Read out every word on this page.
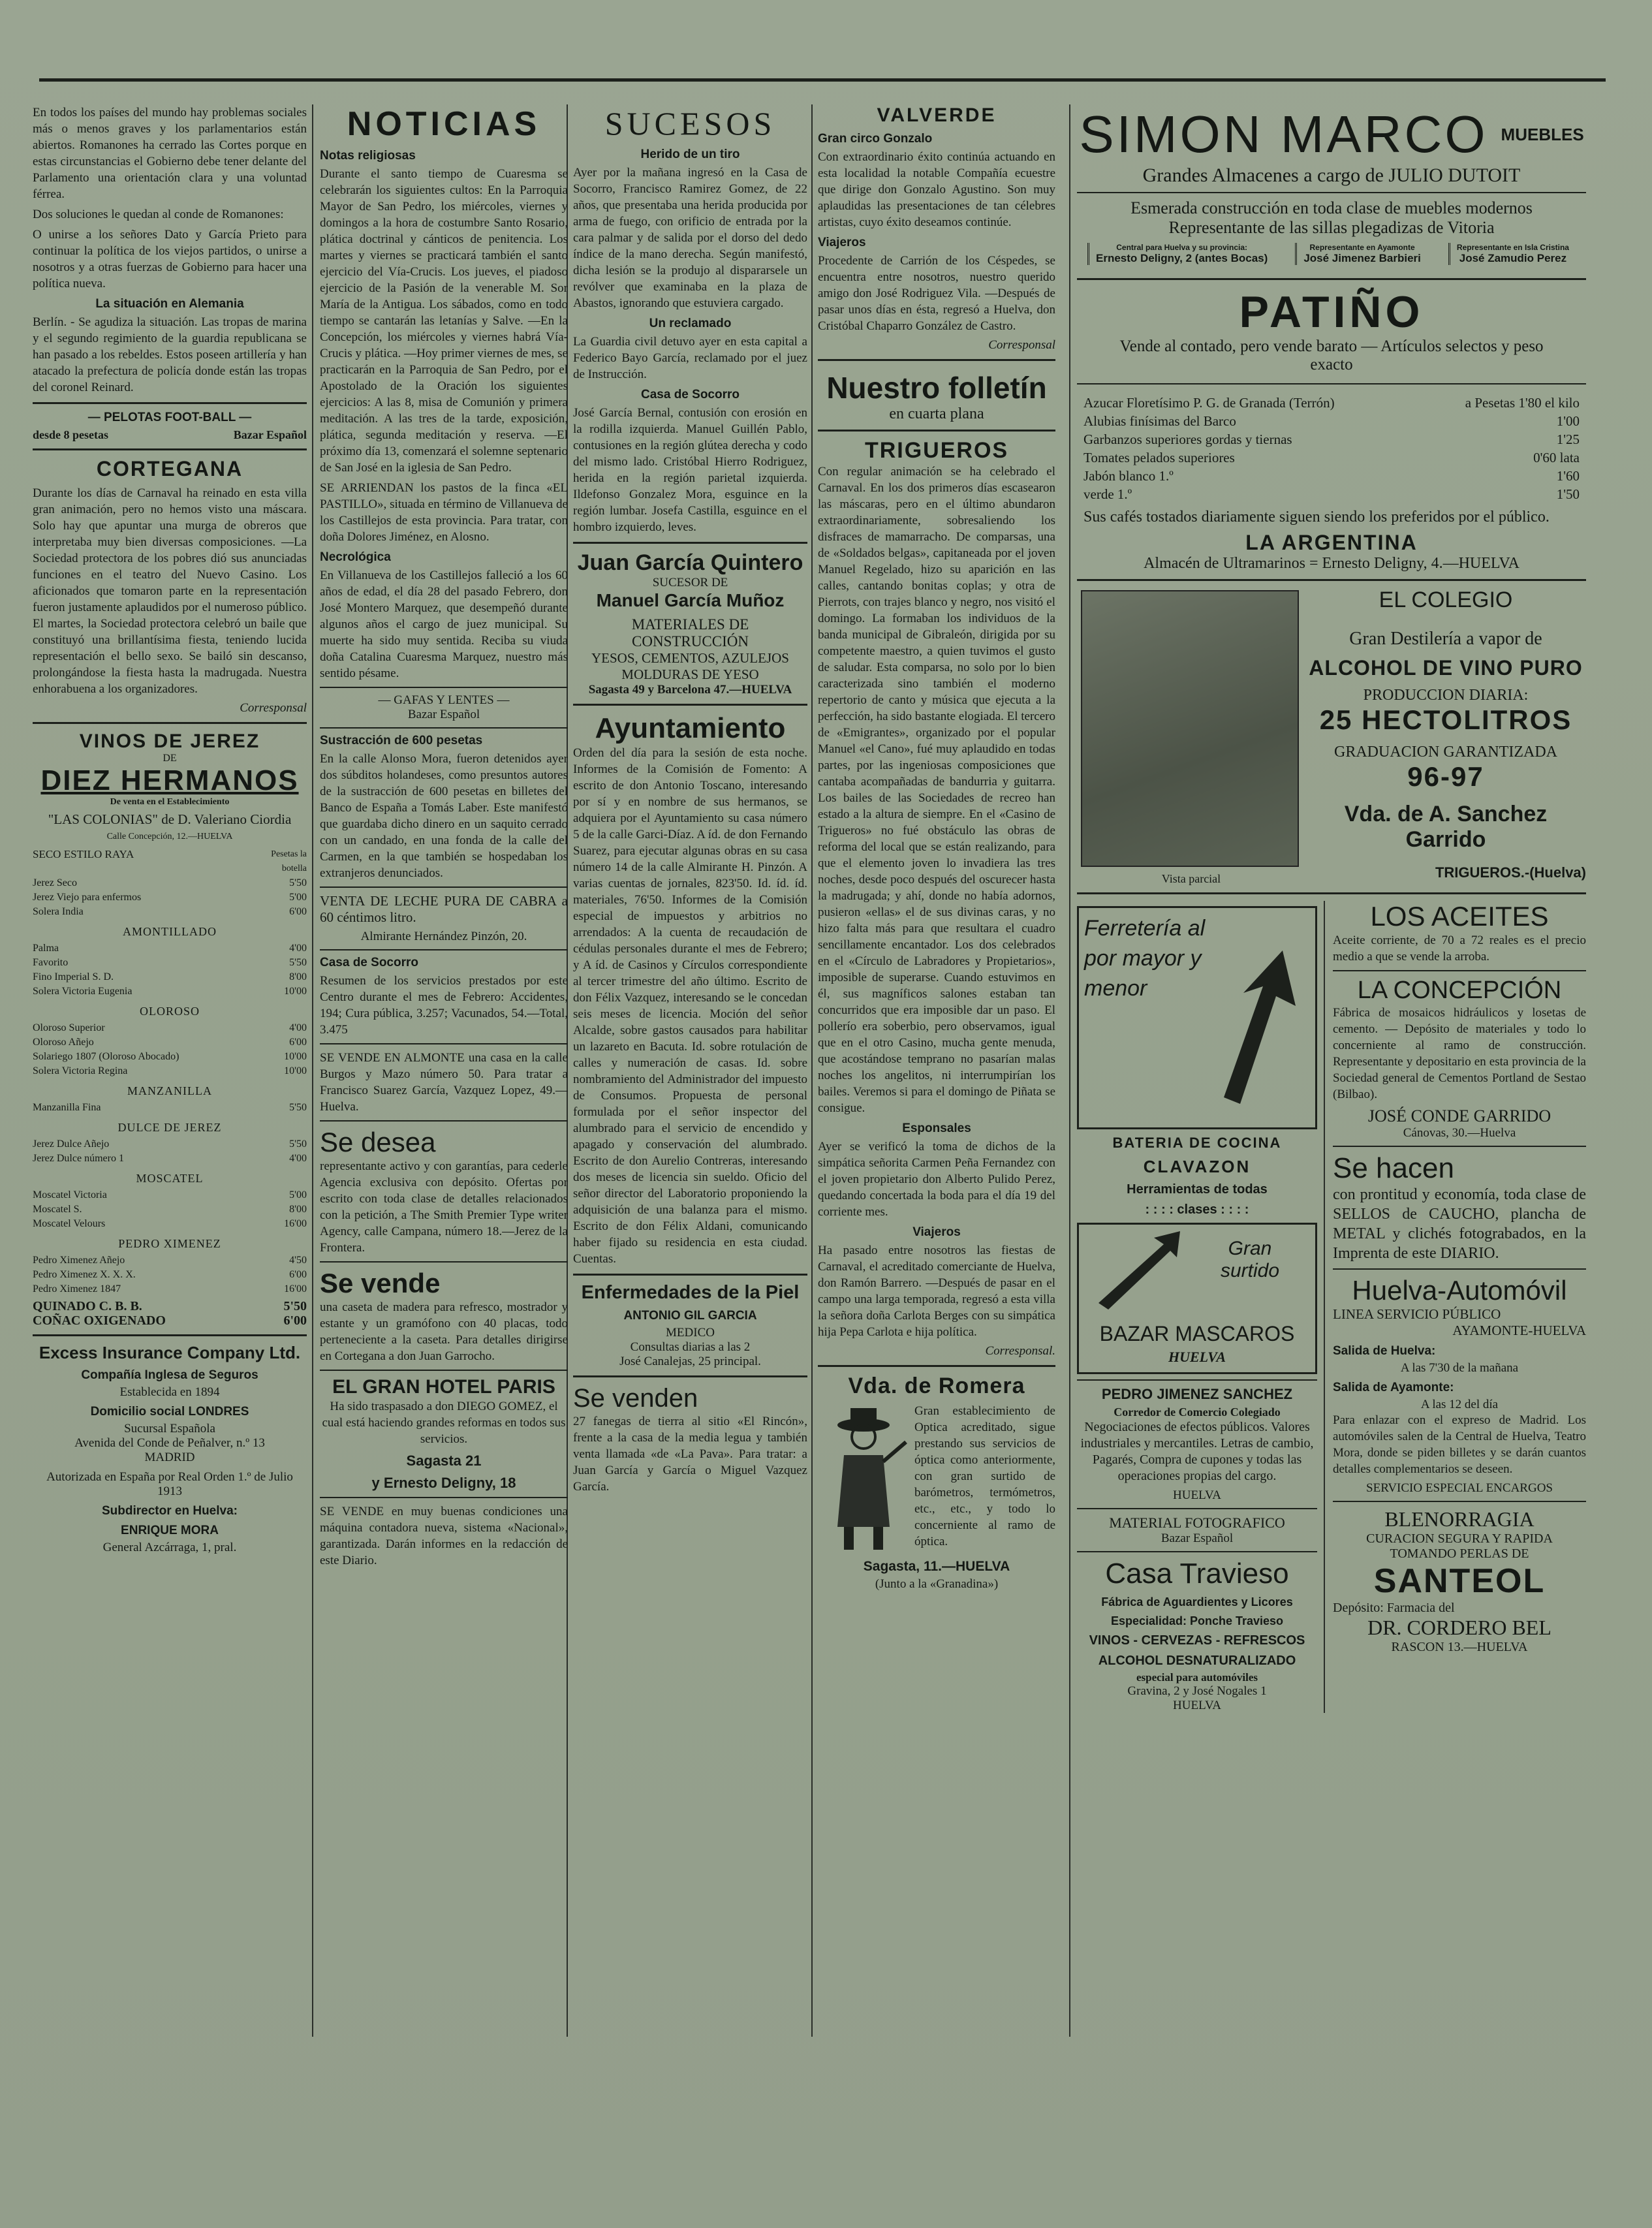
En todos los países del mundo hay problemas sociales más o menos graves y los parlamentarios están abiertos. Romanones ha cerrado las Cortes porque en estas circunstancias el Gobierno debe tener delante del Parlamento una orientación clara y una voluntad férrea.

Dos soluciones le quedan al conde de Romanones:

O unirse a los señores Dato y García Prieto para continuar la política de los viejos partidos, o unirse a nosotros y a otras fuerzas de Gobierno para hacer una política nueva.

La situación en Alemania

Berlín. - Se agudiza la situación. Las tropas de marina y el segundo regimiento de la guardia republicana se han pasado a los rebeldes. Estos poseen artillería y han atacado la prefectura de policía donde están las tropas del coronel Reinard.

— PELOTAS FOOT-BALL —
desde 8 pesetas	Bazar Español
CORTEGANA

Durante los días de Carnaval ha reinado en esta villa gran animación, pero no hemos visto una máscara. Solo hay que apuntar una murga de obreros que interpretaba muy bien diversas composiciones. —La Sociedad protectora de los pobres dió sus anunciadas funciones en el teatro del Nuevo Casino. Los aficionados que tomaron parte en la representación fueron justamente aplaudidos por el numeroso público. El martes, la Sociedad protectora celebró un baile que constituyó una brillantísima fiesta, teniendo lucida representación el bello sexo. Se bailó sin descanso, prolongándose la fiesta hasta la madrugada. Nuestra enhorabuena a los organizadores.

Corresponsal
VINOS DE JEREZ
DE
DIEZ HERMANOS
De venta en el Establecimiento
"LAS COLONIAS" de D. Valeriano Ciordia
Calle Concepción, 12.—HUELVA
SECO ESTILO RAYA	Pesetas la botella
Jerez Seco	5'50
Jerez Viejo para enfermos	5'00
Solera India	6'00
AMONTILLADO
Palma	4'00
Favorito	5'50
Fino Imperial S. D.	8'00
Solera Victoria Eugenia	10'00
OLOROSO
Oloroso Superior	4'00
Oloroso Añejo	6'00
Solariego 1807 (Oloroso Abocado)	10'00
Solera Victoria Regina	10'00
MANZANILLA
Manzanilla Fina	5'50
DULCE DE JEREZ
Jerez Dulce Añejo	5'50
Jerez Dulce número 1	4'00
MOSCATEL
Moscatel Victoria	5'00
Moscatel S.	8'00
Moscatel Velours	16'00
PEDRO XIMENEZ
Pedro Ximenez Añejo	4'50
Pedro Ximenez X. X. X.	6'00
Pedro Ximenez 1847	16'00
QUINADO C. B. B.	5'50
COÑAC OXIGENADO	6'00
Excess Insurance Company Ltd.
Compañía Inglesa de Seguros
Establecida en 1894
Domicilio social LONDRES
Sucursal Española
Avenida del Conde de Peñalver, n.º 13
MADRID
Autorizada en España por Real Orden 1.º de Julio 1913
Subdirector en Huelva:
ENRIQUE MORA
General Azcárraga, 1, pral.
NOTICIAS
Notas religiosas

Durante el santo tiempo de Cuaresma se celebrarán los siguientes cultos: En la Parroquia Mayor de San Pedro, los miércoles, viernes y domingos a la hora de costumbre Santo Rosario, plática doctrinal y cánticos de penitencia. Los martes y viernes se practicará también el santo ejercicio del Vía-Crucis. Los jueves, el piadoso ejercicio de la Pasión de la venerable M. Sor María de la Antigua. Los sábados, como en todo tiempo se cantarán las letanías y Salve. —En la Concepción, los miércoles y viernes habrá Vía-Crucis y plática. —Hoy primer viernes de mes, se practicarán en la Parroquia de San Pedro, por el Apostolado de la Oración los siguientes ejercicios: A las 8, misa de Comunión y primera meditación. A las tres de la tarde, exposición, plática, segunda meditación y reserva. —El próximo día 13, comenzará el solemne septenario de San José en la iglesia de San Pedro.

SE ARRIENDAN los pastos de la finca «EL PASTILLO», situada en término de Villanueva de los Castillejos de esta provincia. Para tratar, con doña Dolores Jiménez, en Alosno.

Necrológica

En Villanueva de los Castillejos falleció a los 60 años de edad, el día 28 del pasado Febrero, don José Montero Marquez, que desempeñó durante algunos años el cargo de juez municipal. Su muerte ha sido muy sentida. Reciba su viuda doña Catalina Cuaresma Marquez, nuestro más sentido pésame.

— GAFAS Y LENTES —
Bazar Español
Sustracción de 600 pesetas

En la calle Alonso Mora, fueron detenidos ayer dos súbditos holandeses, como presuntos autores de la sustracción de 600 pesetas en billetes del Banco de España a Tomás Laber. Este manifestó que guardaba dicho dinero en un saquito cerrado con un candado, en una fonda de la calle del Carmen, en la que también se hospedaban los extranjeros denunciados.

VENTA DE LECHE PURA DE CABRA a 60 céntimos litro.

Almirante Hernández Pinzón, 20.
Casa de Socorro

Resumen de los servicios prestados por este Centro durante el mes de Febrero: Accidentes, 194; Cura pública, 3.257; Vacunados, 54.—Total, 3.475

SE VENDE EN ALMONTE una casa en la calle Burgos y Mazo número 50. Para tratar a Francisco Suarez García, Vazquez Lopez, 49.—Huelva.

Se desea

representante activo y con garantías, para cederle Agencia exclusiva con depósito. Ofertas por escrito con toda clase de detalles relacionados con la petición, a The Smith Premier Type writer Agency, calle Campana, número 18.—Jerez de la Frontera.

Se vende

una caseta de madera para refresco, mostrador y estante y un gramófono con 40 placas, todo perteneciente a la caseta. Para detalles dirigirse en Cortegana a don Juan Garrocho.

EL GRAN HOTEL PARIS

Ha sido traspasado a don DIEGO GOMEZ, el cual está haciendo grandes reformas en todos sus servicios.

Sagasta 21
y Ernesto Deligny, 18

SE VENDE en muy buenas condiciones una máquina contadora nueva, sistema «Nacional», garantizada. Darán informes en la redacción de este Diario.

SUCESOS
Herido de un tiro

Ayer por la mañana ingresó en la Casa de Socorro, Francisco Ramirez Gomez, de 22 años, que presentaba una herida producida por arma de fuego, con orificio de entrada por la cara palmar y de salida por el dorso del dedo índice de la mano derecha. Según manifestó, dicha lesión se la produjo al dispararsele un revólver que examinaba en la plaza de Abastos, ignorando que estuviera cargado.

Un reclamado

La Guardia civil detuvo ayer en esta capital a Federico Bayo García, reclamado por el juez de Instrucción.

Casa de Socorro

José García Bernal, contusión con erosión en la rodilla izquierda. Manuel Guillén Pablo, contusiones en la región glútea derecha y codo del mismo lado. Cristóbal Hierro Rodriguez, herida en la región parietal izquierda. Ildefonso Gonzalez Mora, esguince en la región lumbar. Josefa Castilla, esguince en el hombro izquierdo, leves.

Juan García Quintero
SUCESOR DE
Manuel García Muñoz
MATERIALES DE CONSTRUCCIÓN
YESOS, CEMENTOS, AZULEJOS
MOLDURAS DE YESO
Sagasta 49 y Barcelona 47.—HUELVA
Ayuntamiento

Orden del día para la sesión de esta noche. Informes de la Comisión de Fomento: A escrito de don Antonio Toscano, interesando por sí y en nombre de sus hermanos, se adquiera por el Ayuntamiento su casa número 5 de la calle Garci-Díaz. A íd. de don Fernando Suarez, para ejecutar algunas obras en su casa número 14 de la calle Almirante H. Pinzón. A varias cuentas de jornales, 823'50. Id. íd. íd. materiales, 76'50. Informes de la Comisión especial de impuestos y arbitrios no arrendados: A la cuenta de recaudación de cédulas personales durante el mes de Febrero; y A íd. de Casinos y Círculos correspondiente al tercer trimestre del año último. Escrito de don Félix Vazquez, interesando se le concedan seis meses de licencia. Moción del señor Alcalde, sobre gastos causados para habilitar un lazareto en Bacuta. Id. sobre rotulación de calles y numeración de casas. Id. sobre nombramiento del Administrador del impuesto de Consumos. Propuesta de personal formulada por el señor inspector del alumbrado para el servicio de encendido y apagado y conservación del alumbrado. Escrito de don Aurelio Contreras, interesando dos meses de licencia sin sueldo. Oficio del señor director del Laboratorio proponiendo la adquisición de una balanza para el mismo. Escrito de don Félix Aldani, comunicando haber fijado su residencia en esta ciudad. Cuentas.

Enfermedades de la Piel
ANTONIO GIL GARCIA
MEDICO
Consultas diarias a las 2
José Canalejas, 25 principal.
Se venden

27 fanegas de tierra al sitio «El Rincón», frente a la casa de la media legua y también venta llamada «de «La Pava». Para tratar: a Juan García y García o Miguel Vazquez García.

VALVERDE
Gran circo Gonzalo

Con extraordinario éxito continúa actuando en esta localidad la notable Compañía ecuestre que dirige don Gonzalo Agustino. Son muy aplaudidas las presentaciones de tan célebres artistas, cuyo éxito deseamos continúe.

Viajeros

Procedente de Carrión de los Céspedes, se encuentra entre nosotros, nuestro querido amigo don José Rodriguez Vila. —Después de pasar unos días en ésta, regresó a Huelva, don Cristóbal Chaparro González de Castro.

Corresponsal
Nuestro folletín
en cuarta plana
TRIGUEROS

Con regular animación se ha celebrado el Carnaval. En los dos primeros días escasearon las máscaras, pero en el último abundaron extraordinariamente, sobresaliendo los disfraces de mamarracho. De comparsas, una de «Soldados belgas», capitaneada por el joven Manuel Regelado, hizo su aparición en las calles, cantando bonitas coplas; y otra de Pierrots, con trajes blanco y negro, nos visitó el domingo. La formaban los individuos de la banda municipal de Gibraleón, dirigida por su competente maestro, a quien tuvimos el gusto de saludar. Esta comparsa, no solo por lo bien caracterizada sino también el moderno repertorio de canto y música que ejecuta a la perfección, ha sido bastante elogiada. El tercero de «Emigrantes», organizado por el popular Manuel «el Cano», fué muy aplaudido en todas partes, por las ingeniosas composiciones que cantaba acompañadas de bandurria y guitarra. Los bailes de las Sociedades de recreo han estado a la altura de siempre. En el «Casino de Trigueros» no fué obstáculo las obras de reforma del local que se están realizando, para que el elemento joven lo invadiera las tres noches, desde poco después del oscurecer hasta la madrugada; y ahí, donde no había adornos, pusieron «ellas» el de sus divinas caras, y no hizo falta más para que resultara el cuadro sencillamente encantador. Los dos celebrados en el «Círculo de Labradores y Propietarios», imposible de superarse. Cuando estuvimos en él, sus magníficos salones estaban tan concurridos que era imposible dar un paso. El pollerío era soberbio, pero observamos, igual que en el otro Casino, mucha gente menuda, que acostándose temprano no pasarían malas noches los angelitos, ni interrumpirían los bailes. Veremos si para el domingo de Piñata se consigue.

Esponsales

Ayer se verificó la toma de dichos de la simpática señorita Carmen Peña Fernandez con el joven propietario don Alberto Pulido Perez, quedando concertada la boda para el día 19 del corriente mes.

Viajeros

Ha pasado entre nosotros las fiestas de Carnaval, el acreditado comerciante de Huelva, don Ramón Barrero. —Después de pasar en el campo una larga temporada, regresó a esta villa la señora doña Carlota Berges con su simpática hija Pepa Carlota e hija política.

Corresponsal.
Vda. de Romera

Gran establecimiento de Optica acreditado, sigue prestando sus servicios de óptica como anteriormente, con gran surtido de barómetros, termómetros, etc., etc., y todo lo concerniente al ramo de óptica.

Sagasta, 11.—HUELVA
(Junto a la «Granadina»)
SIMON MARCO MUEBLES
Grandes Almacenes a cargo de JULIO DUTOIT
Esmerada construcción en toda clase de muebles modernos
Representante de las sillas plegadizas de Vitoria
Central para Huelva y su provincia:
Ernesto Deligny, 2 (antes Bocas)
Representante en Ayamonte
José Jimenez Barbieri
Representante en Isla Cristina
José Zamudio Perez
PATIÑO
Vende al contado, pero vende barato — Artículos selectos y peso exacto
Azucar Floretísimo P. G. de Granada (Terrón)	a Pesetas 1'80 el kilo
Alubias finísimas del Barco	1'00
Garbanzos superiores gordas y tiernas	1'25
Tomates pelados superiores	0'60 lata
Jabón blanco 1.º	1'60
verde 1.º	1'50

Sus cafés tostados diariamente siguen siendo los preferidos por el público.

LA ARGENTINA
Almacén de Ultramarinos = Ernesto Deligny, 4.—HUELVA
Vista parcial
EL COLEGIO
Gran Destilería a vapor de
ALCOHOL DE VINO PURO
PRODUCCION DIARIA:
25 HECTOLITROS
GRADUACION GARANTIZADA
96-97
Vda. de A. Sanchez Garrido
TRIGUEROS.-(Huelva)
Ferretería al por mayor y menor
BATERIA DE COCINA
CLAVAZON
Herramientas de todas
: : : : clases : : : :
Gran surtido
BAZAR MASCAROS
HUELVA
PEDRO JIMENEZ SANCHEZ
Corredor de Comercio Colegiado

Negociaciones de efectos públicos. Valores industriales y mercantiles. Letras de cambio, Pagarés, Compra de cupones y todas las operaciones propias del cargo.

HUELVA
MATERIAL FOTOGRAFICO
Bazar Español
Casa Travieso
Fábrica de Aguardientes y Licores
Especialidad: Ponche Travieso
VINOS - CERVEZAS - REFRESCOS
ALCOHOL DESNATURALIZADO
especial para automóviles
Gravina, 2 y José Nogales 1
HUELVA
LOS ACEITES

Aceite corriente, de 70 a 72 reales es el precio medio a que se vende la arroba.

LA CONCEPCIÓN

Fábrica de mosaicos hidráulicos y losetas de cemento. — Depósito de materiales y todo lo concerniente al ramo de construcción. Representante y depositario en esta provincia de la Sociedad general de Cementos Portland de Sestao (Bilbao).

JOSÉ CONDE GARRIDO
Cánovas, 30.—Huelva
Se hacen

con prontitud y economía, toda clase de SELLOS de CAUCHO, plancha de METAL y clichés fotograbados, en la Imprenta de este DIARIO.

Huelva-Automóvil
LINEA SERVICIO PÚBLICO
AYAMONTE-HUELVA
Salida de Huelva:
A las 7'30 de la mañana
Salida de Ayamonte:
A las 12 del día

Para enlazar con el expreso de Madrid. Los automóviles salen de la Central de Huelva, Teatro Mora, donde se piden billetes y se darán cuantos detalles complementarios se deseen.

SERVICIO ESPECIAL ENCARGOS
BLENORRAGIA
CURACION SEGURA Y RAPIDA
TOMANDO PERLAS DE
SANTEOL
Depósito: Farmacia del
DR. CORDERO BEL
RASCON 13.—HUELVA
